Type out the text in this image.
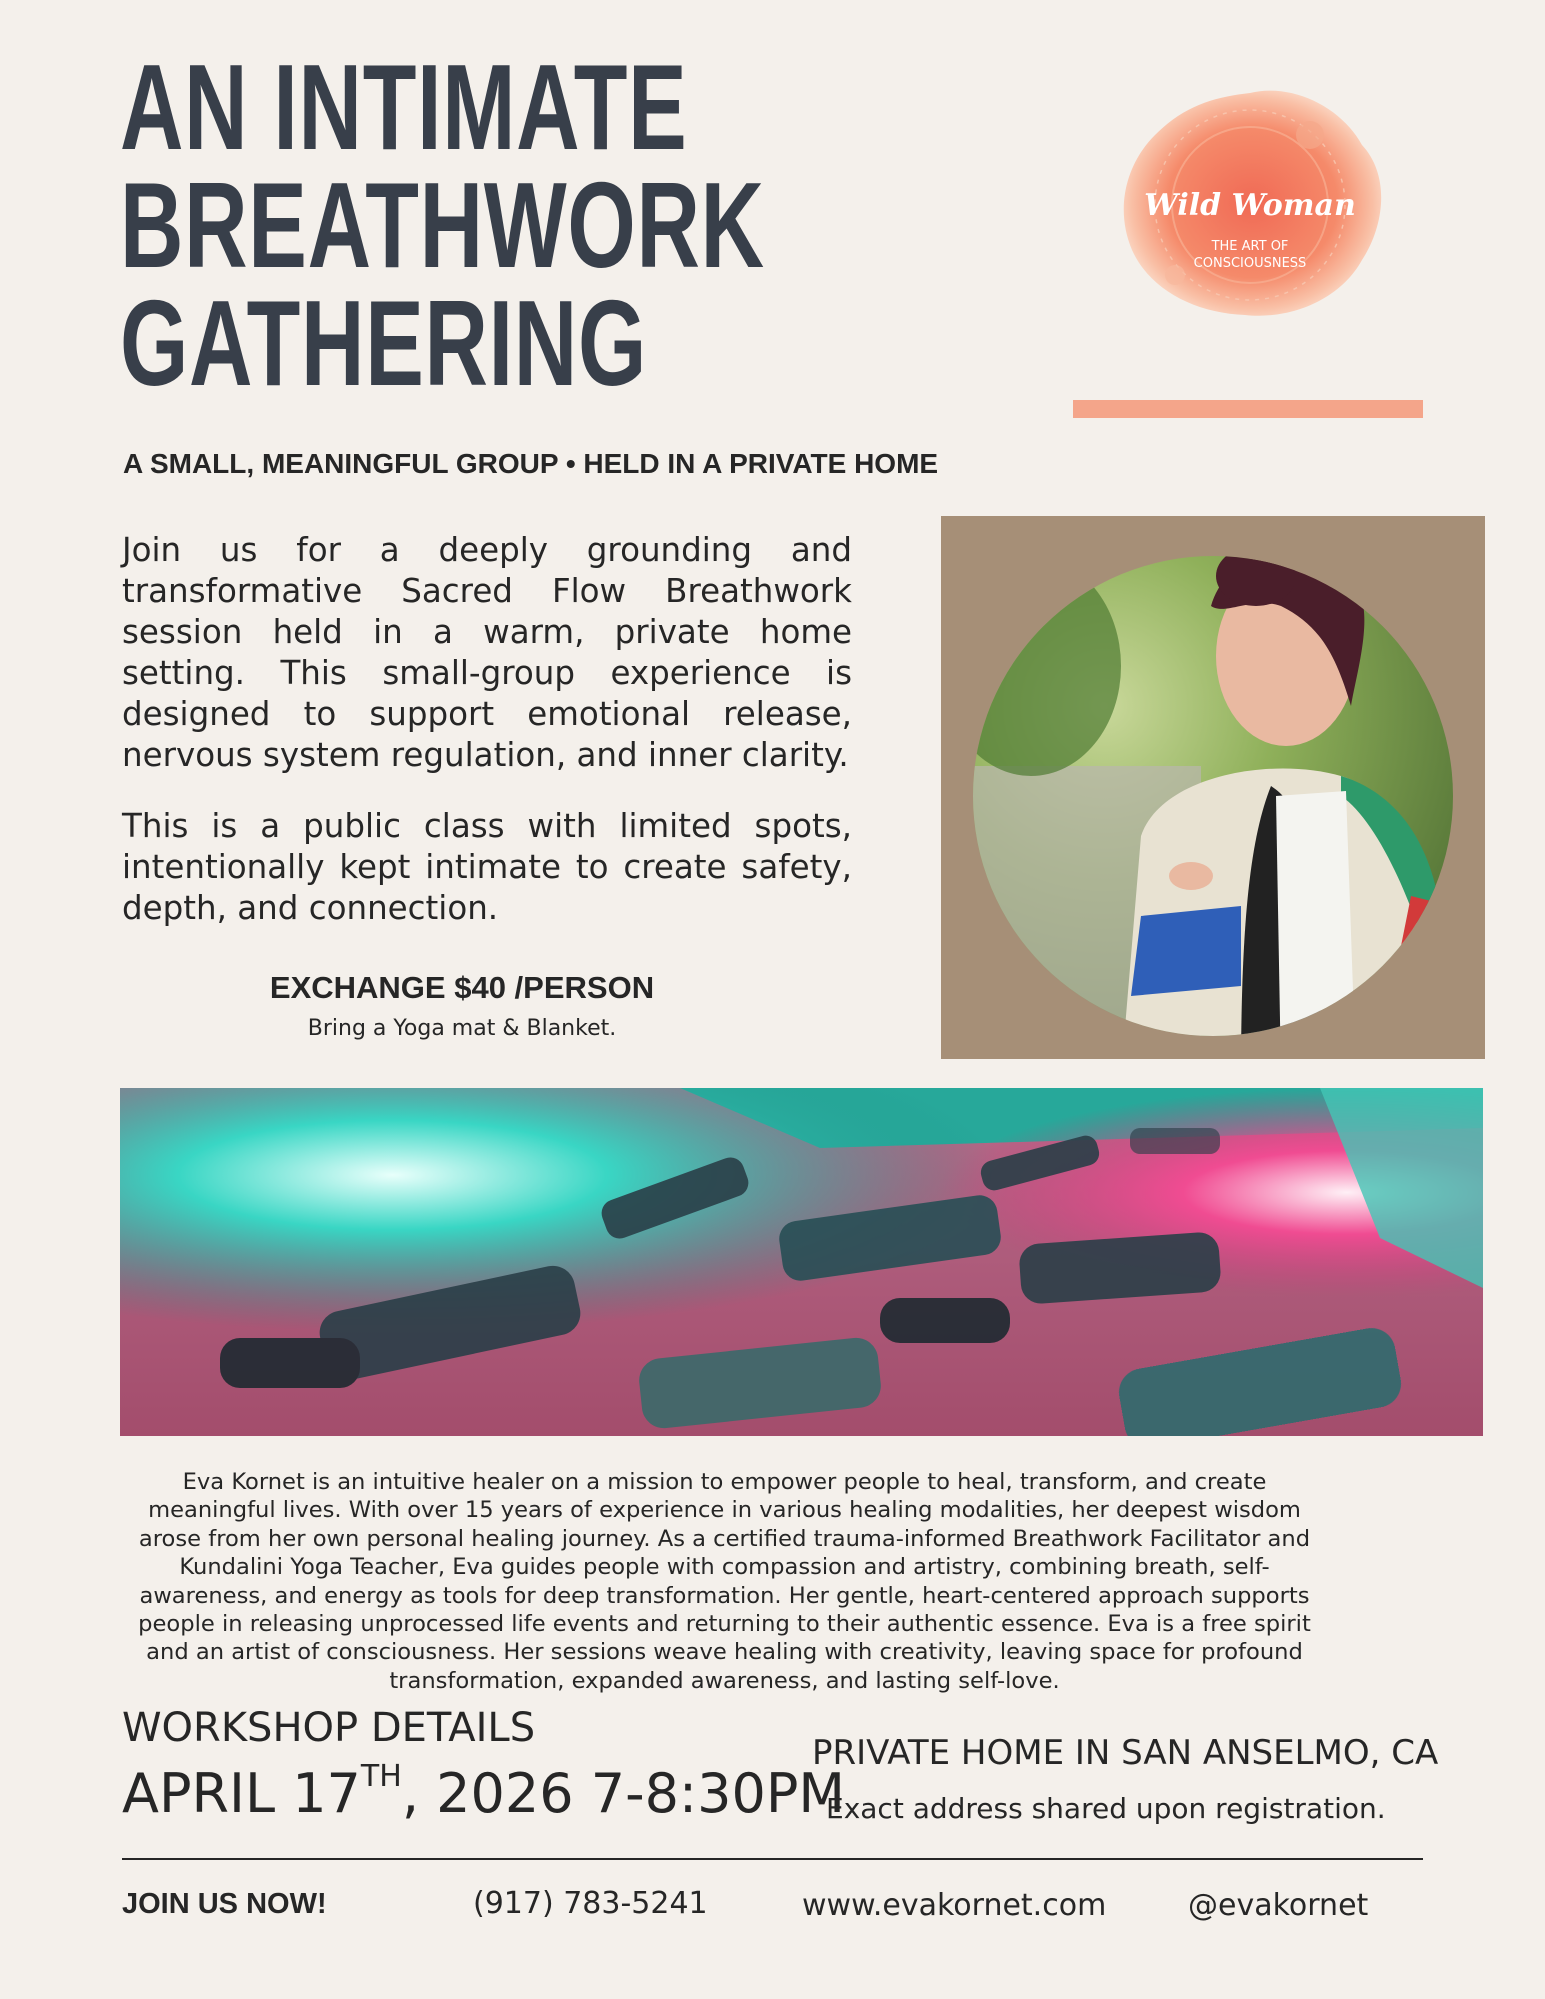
AN INTIMATE
BREATHWORK
GATHERING
Wild Woman
THE ART OF
CONSCIOUSNESS
A SMALL, MEANINGFUL GROUP • HELD IN A PRIVATE HOME

Join us for a deeply grounding and transformative Sacred Flow Breathwork session held in a warm, private home setting. This small-group experience is designed to support emotional release, nervous system regulation, and inner clarity.

This is a public class with limited spots, intentionally kept intimate to create safety, depth, and connection.

EXCHANGE $40 /PERSON
Bring a Yoga mat & Blanket.

Eva Kornet is an intuitive healer on a mission to empower people to heal, transform, and create meaningful lives. With over 15 years of experience in various healing modalities, her deepest wisdom arose from her own personal healing journey. As a certified trauma-informed Breathwork Facilitator and Kundalini Yoga Teacher, Eva guides people with compassion and artistry, combining breath, self-awareness, and energy as tools for deep transformation. Her gentle, heart-centered approach supports people in releasing unprocessed life events and returning to their authentic essence. Eva is a free spirit and an artist of consciousness. Her sessions weave healing with creativity, leaving space for profound transformation, expanded awareness, and lasting self-love.

WORKSHOP DETAILS
APRIL 17TH, 2026 7-8:30PM
PRIVATE HOME IN SAN ANSELMO, CA
Exact address shared upon registration.
JOIN US NOW!	(917) 783-5241	www.evakornet.com	@evakornet
